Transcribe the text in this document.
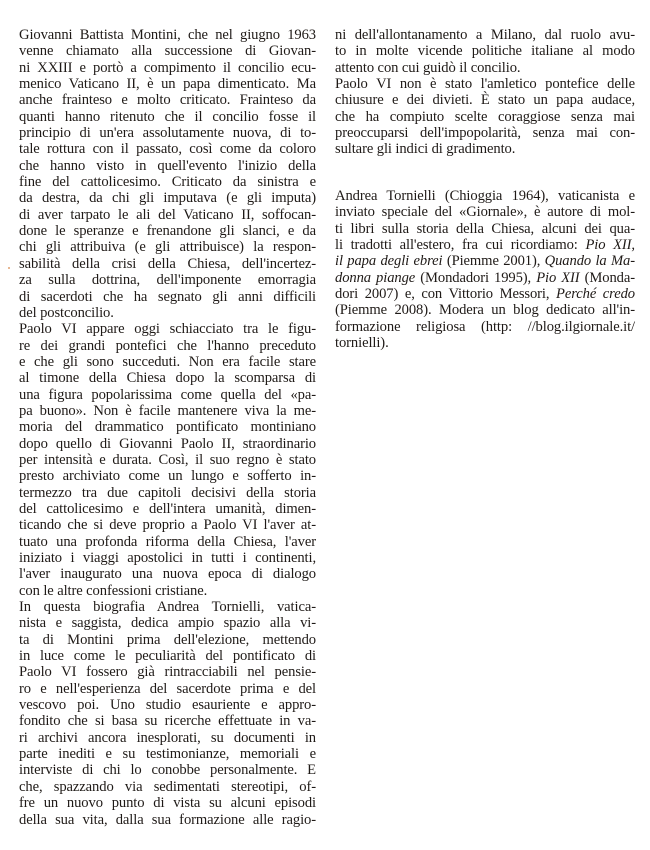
Giovanni Battista Montini, che nel giugno 1963
venne chiamato alla successione di Giovan-
ni XXIII e portò a compimento il concilio ecu-
menico Vaticano II, è un papa dimenticato. Ma
anche frainteso e molto criticato. Frainteso da
quanti hanno ritenuto che il concilio fosse il
principio di un'era assolutamente nuova, di to-
tale rottura con il passato, così come da coloro
che hanno visto in quell'evento l'inizio della
fine del cattolicesimo. Criticato da sinistra e
da destra, da chi gli imputava (e gli imputa)
di aver tarpato le ali del Vaticano II, soffocan-
done le speranze e frenandone gli slanci, e da
chi gli attribuiva (e gli attribuisce) la respon-
sabilità della crisi della Chiesa, dell'incertez-
za sulla dottrina, dell'imponente emorragia
di sacerdoti che ha segnato gli anni difficili
del postconcilio.
Paolo VI appare oggi schiacciato tra le figu-
re dei grandi pontefici che l'hanno preceduto
e che gli sono succeduti. Non era facile stare
al timone della Chiesa dopo la scomparsa di
una figura popolarissima come quella del «pa-
pa buono». Non è facile mantenere viva la me-
moria del drammatico pontificato montiniano
dopo quello di Giovanni Paolo II, straordinario
per intensità e durata. Così, il suo regno è stato
presto archiviato come un lungo e sofferto in-
termezzo tra due capitoli decisivi della storia
del cattolicesimo e dell'intera umanità, dimen-
ticando che si deve proprio a Paolo VI l'aver at-
tuato una profonda riforma della Chiesa, l'aver
iniziato i viaggi apostolici in tutti i continenti,
l'aver inaugurato una nuova epoca di dialogo
con le altre confessioni cristiane.
In questa biografia Andrea Tornielli, vatica-
nista e saggista, dedica ampio spazio alla vi-
ta di Montini prima dell'elezione, mettendo
in luce come le peculiarità del pontificato di
Paolo VI fossero già rintracciabili nel pensie-
ro e nell'esperienza del sacerdote prima e del
vescovo poi. Uno studio esauriente e appro-
fondito che si basa su ricerche effettuate in va-
ri archivi ancora inesplorati, su documenti in
parte inediti e su testimonianze, memoriali e
interviste di chi lo conobbe personalmente. E
che, spazzando via sedimentati stereotipi, of-
fre un nuovo punto di vista su alcuni episodi
della sua vita, dalla sua formazione alle ragio-
ni dell'allontanamento a Milano, dal ruolo avu-
to in molte vicende politiche italiane al modo
attento con cui guidò il concilio.
Paolo VI non è stato l'amletico pontefice delle
chiusure e dei divieti. È stato un papa audace,
che ha compiuto scelte coraggiose senza mai
preoccuparsi dell'impopolarità, senza mai con-
sultare gli indici di gradimento.
Andrea Tornielli (Chioggia 1964), vaticanista e
inviato speciale del «Giornale», è autore di mol-
ti libri sulla storia della Chiesa, alcuni dei qua-
li tradotti all'estero, fra cui ricordiamo: Pio XII,
il papa degli ebrei (Piemme 2001), Quando la Ma-
donna piange (Mondadori 1995), Pio XII (Monda-
dori 2007) e, con Vittorio Messori, Perché credo
(Piemme 2008). Modera un blog dedicato all'in-
formazione religiosa (http: //blog.ilgiornale.it/
tornielli).
